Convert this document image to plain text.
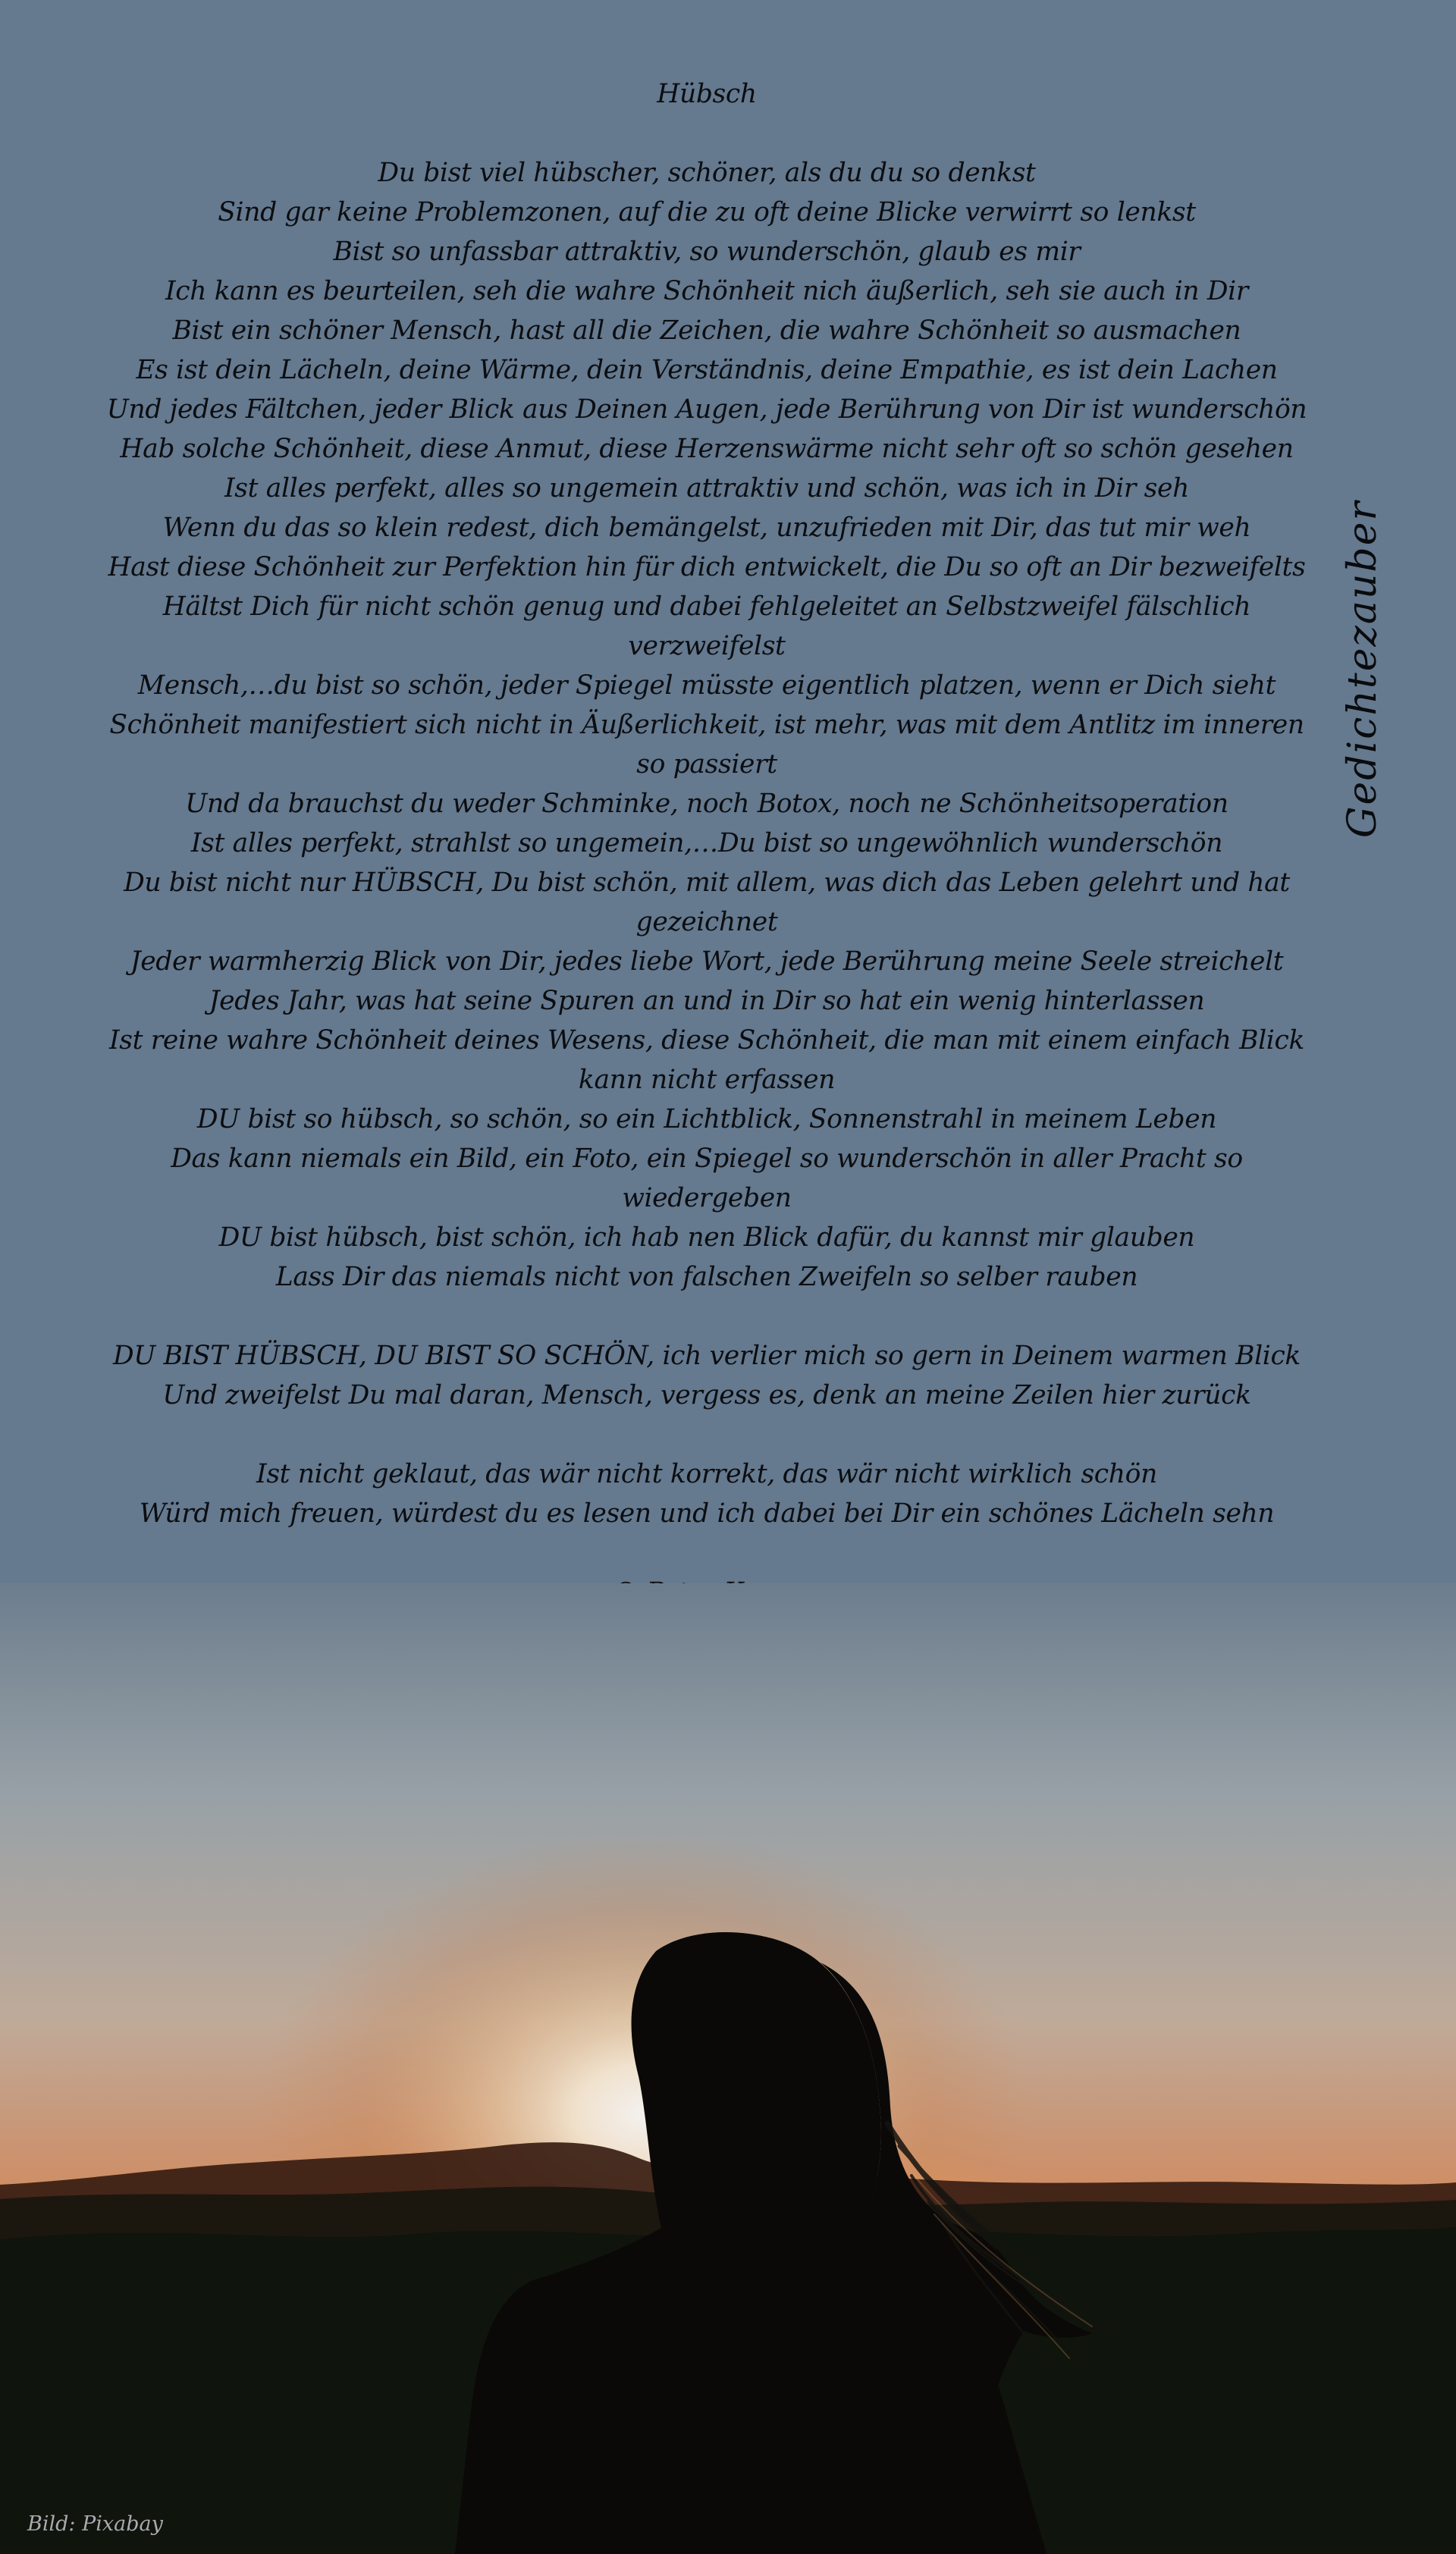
Hübsch
Du bist viel hübscher, schöner, als du du so denkst
Sind gar keine Problemzonen, auf die zu oft deine Blicke verwirrt so lenkst
Bist so unfassbar attraktiv, so wunderschön, glaub es mir
Ich kann es beurteilen, seh die wahre Schönheit nich äußerlich, seh sie auch in Dir
Bist ein schöner Mensch, hast all die Zeichen, die wahre Schönheit so ausmachen
Es ist dein Lächeln, deine Wärme, dein Verständnis, deine Empathie, es ist dein Lachen
Und jedes Fältchen, jeder Blick aus Deinen Augen, jede Berührung von Dir ist wunderschön
Hab solche Schönheit, diese Anmut, diese Herzenswärme nicht sehr oft so schön gesehen
Ist alles perfekt, alles so ungemein attraktiv und schön, was ich in Dir seh
Wenn du das so klein redest, dich bemängelst, unzufrieden mit Dir, das tut mir weh
Hast diese Schönheit zur Perfektion hin für dich entwickelt, die Du so oft an Dir bezweifelts
Hältst Dich für nicht schön genug und dabei fehlgeleitet an Selbstzweifel fälschlich verzweifelst
Mensch,…du bist so schön, jeder Spiegel müsste eigentlich platzen, wenn er Dich sieht
Schönheit manifestiert sich nicht in Äußerlichkeit, ist mehr, was mit dem Antlitz im inneren so passiert
Und da brauchst du weder Schminke, noch Botox, noch ne Schönheitsoperation
Ist alles perfekt, strahlst so ungemein,…Du bist so ungewöhnlich wunderschön
Du bist nicht nur HÜBSCH, Du bist schön, mit allem, was dich das Leben gelehrt und hat gezeichnet
Jeder warmherzig Blick von Dir, jedes liebe Wort, jede Berührung meine Seele streichelt
Jedes Jahr, was hat seine Spuren an und in Dir so hat ein wenig hinterlassen
Ist reine wahre Schönheit deines Wesens, diese Schönheit, die man mit einem einfach Blick kann nicht erfassen
DU bist so hübsch, so schön, so ein Lichtblick, Sonnenstrahl in meinem Leben
Das kann niemals ein Bild, ein Foto, ein Spiegel so wunderschön in aller Pracht so wiedergeben
DU bist hübsch, bist schön, ich hab nen Blick dafür, du kannst mir glauben
Lass Dir das niemals nicht von falschen Zweifeln so selber rauben
DU BIST HÜBSCH, DU BIST SO SCHÖN, ich verlier mich so gern in Deinem warmen Blick
Und zweifelst Du mal daran, Mensch, vergess es, denk an meine Zeilen hier zurück
Ist nicht geklaut, das wär nicht korrekt, das wär nicht wirklich schön
Würd mich freuen, würdest du es lesen und ich dabei bei Dir ein schönes Lächeln sehn
Gedichtezauber
Bild: Pixabay
